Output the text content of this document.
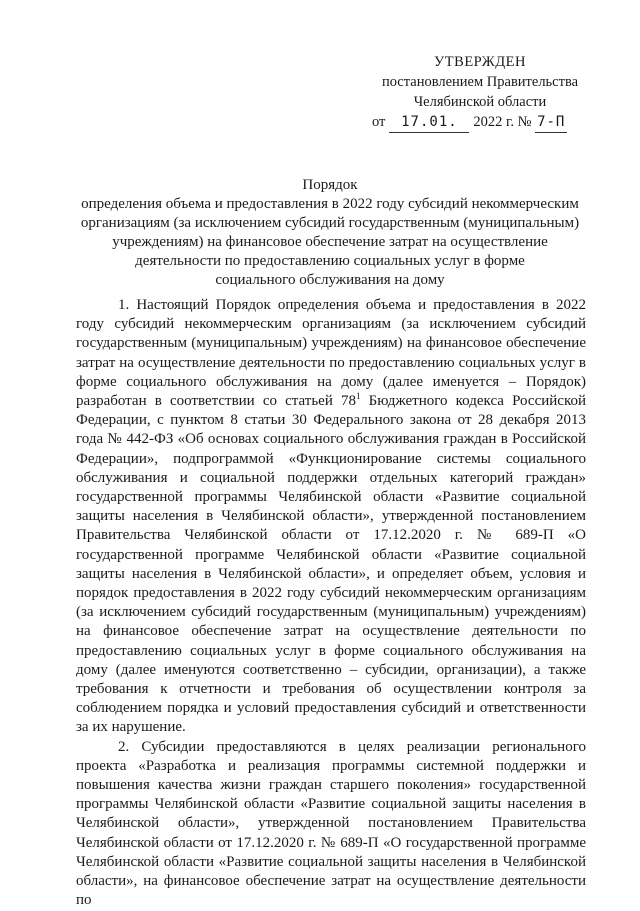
УТВЕРЖДЕН
постановлением Правительства
Челябинской области
от 17.01. 2022 г. № 7-П

Порядок

определения объема и предоставления в 2022 году субсидий некоммерческим

организациям (за исключением субсидий государственным (муниципальным)

учреждениям) на финансовое обеспечение затрат на осуществление

деятельности по предоставлению социальных услуг в форме

социального обслуживания на дому

1. Настоящий Порядок определения объема и предоставления в 2022 году субсидий некоммерческим организациям (за исключением субсидий государственным (муниципальным) учреждениям) на финансовое обеспечение затрат на осуществление деятельности по предоставлению социальных услуг в форме социального обслуживания на дому (далее именуется – Порядок) разработан в соответствии со статьей $78^1$ Бюджетного кодекса Российской Федерации, с пунктом 8 статьи 30 Федерального закона от 28 декабря 2013 года № 442-ФЗ «Об основах социального обслуживания граждан в Российской Федерации», подпрограммой «Функционирование системы социального обслуживания и социальной поддержки отдельных категорий граждан» государственной программы Челябинской области «Развитие социальной защиты населения в Челябинской области», утвержденной постановлением Правительства Челябинской области от 17.12.2020 г. № 689-П «О государственной программе Челябинской области «Развитие социальной защиты населения в Челябинской области», и определяет объем, условия и порядок предоставления в 2022 году субсидий некоммерческим организациям (за исключением субсидий государственным (муниципальным) учреждениям) на финансовое обеспечение затрат на осуществление деятельности по предоставлению социальных услуг в форме социального обслуживания на дому (далее именуются соответственно – субсидии, организации), а также требования к отчетности и требования об осуществлении контроля за соблюдением порядка и условий предоставления субсидий и ответственности за их нарушение.

2. Субсидии предоставляются в целях реализации регионального проекта «Разработка и реализация программы системной поддержки и повышения качества жизни граждан старшего поколения» государственной программы Челябинской области «Развитие социальной защиты населения в Челябинской области», утвержденной постановлением Правительства Челябинской области от 17.12.2020 г. № 689-П «О государственной программе Челябинской области «Развитие социальной защиты населения в Челябинской области», на финансовое обеспечение затрат на осуществление деятельности по
